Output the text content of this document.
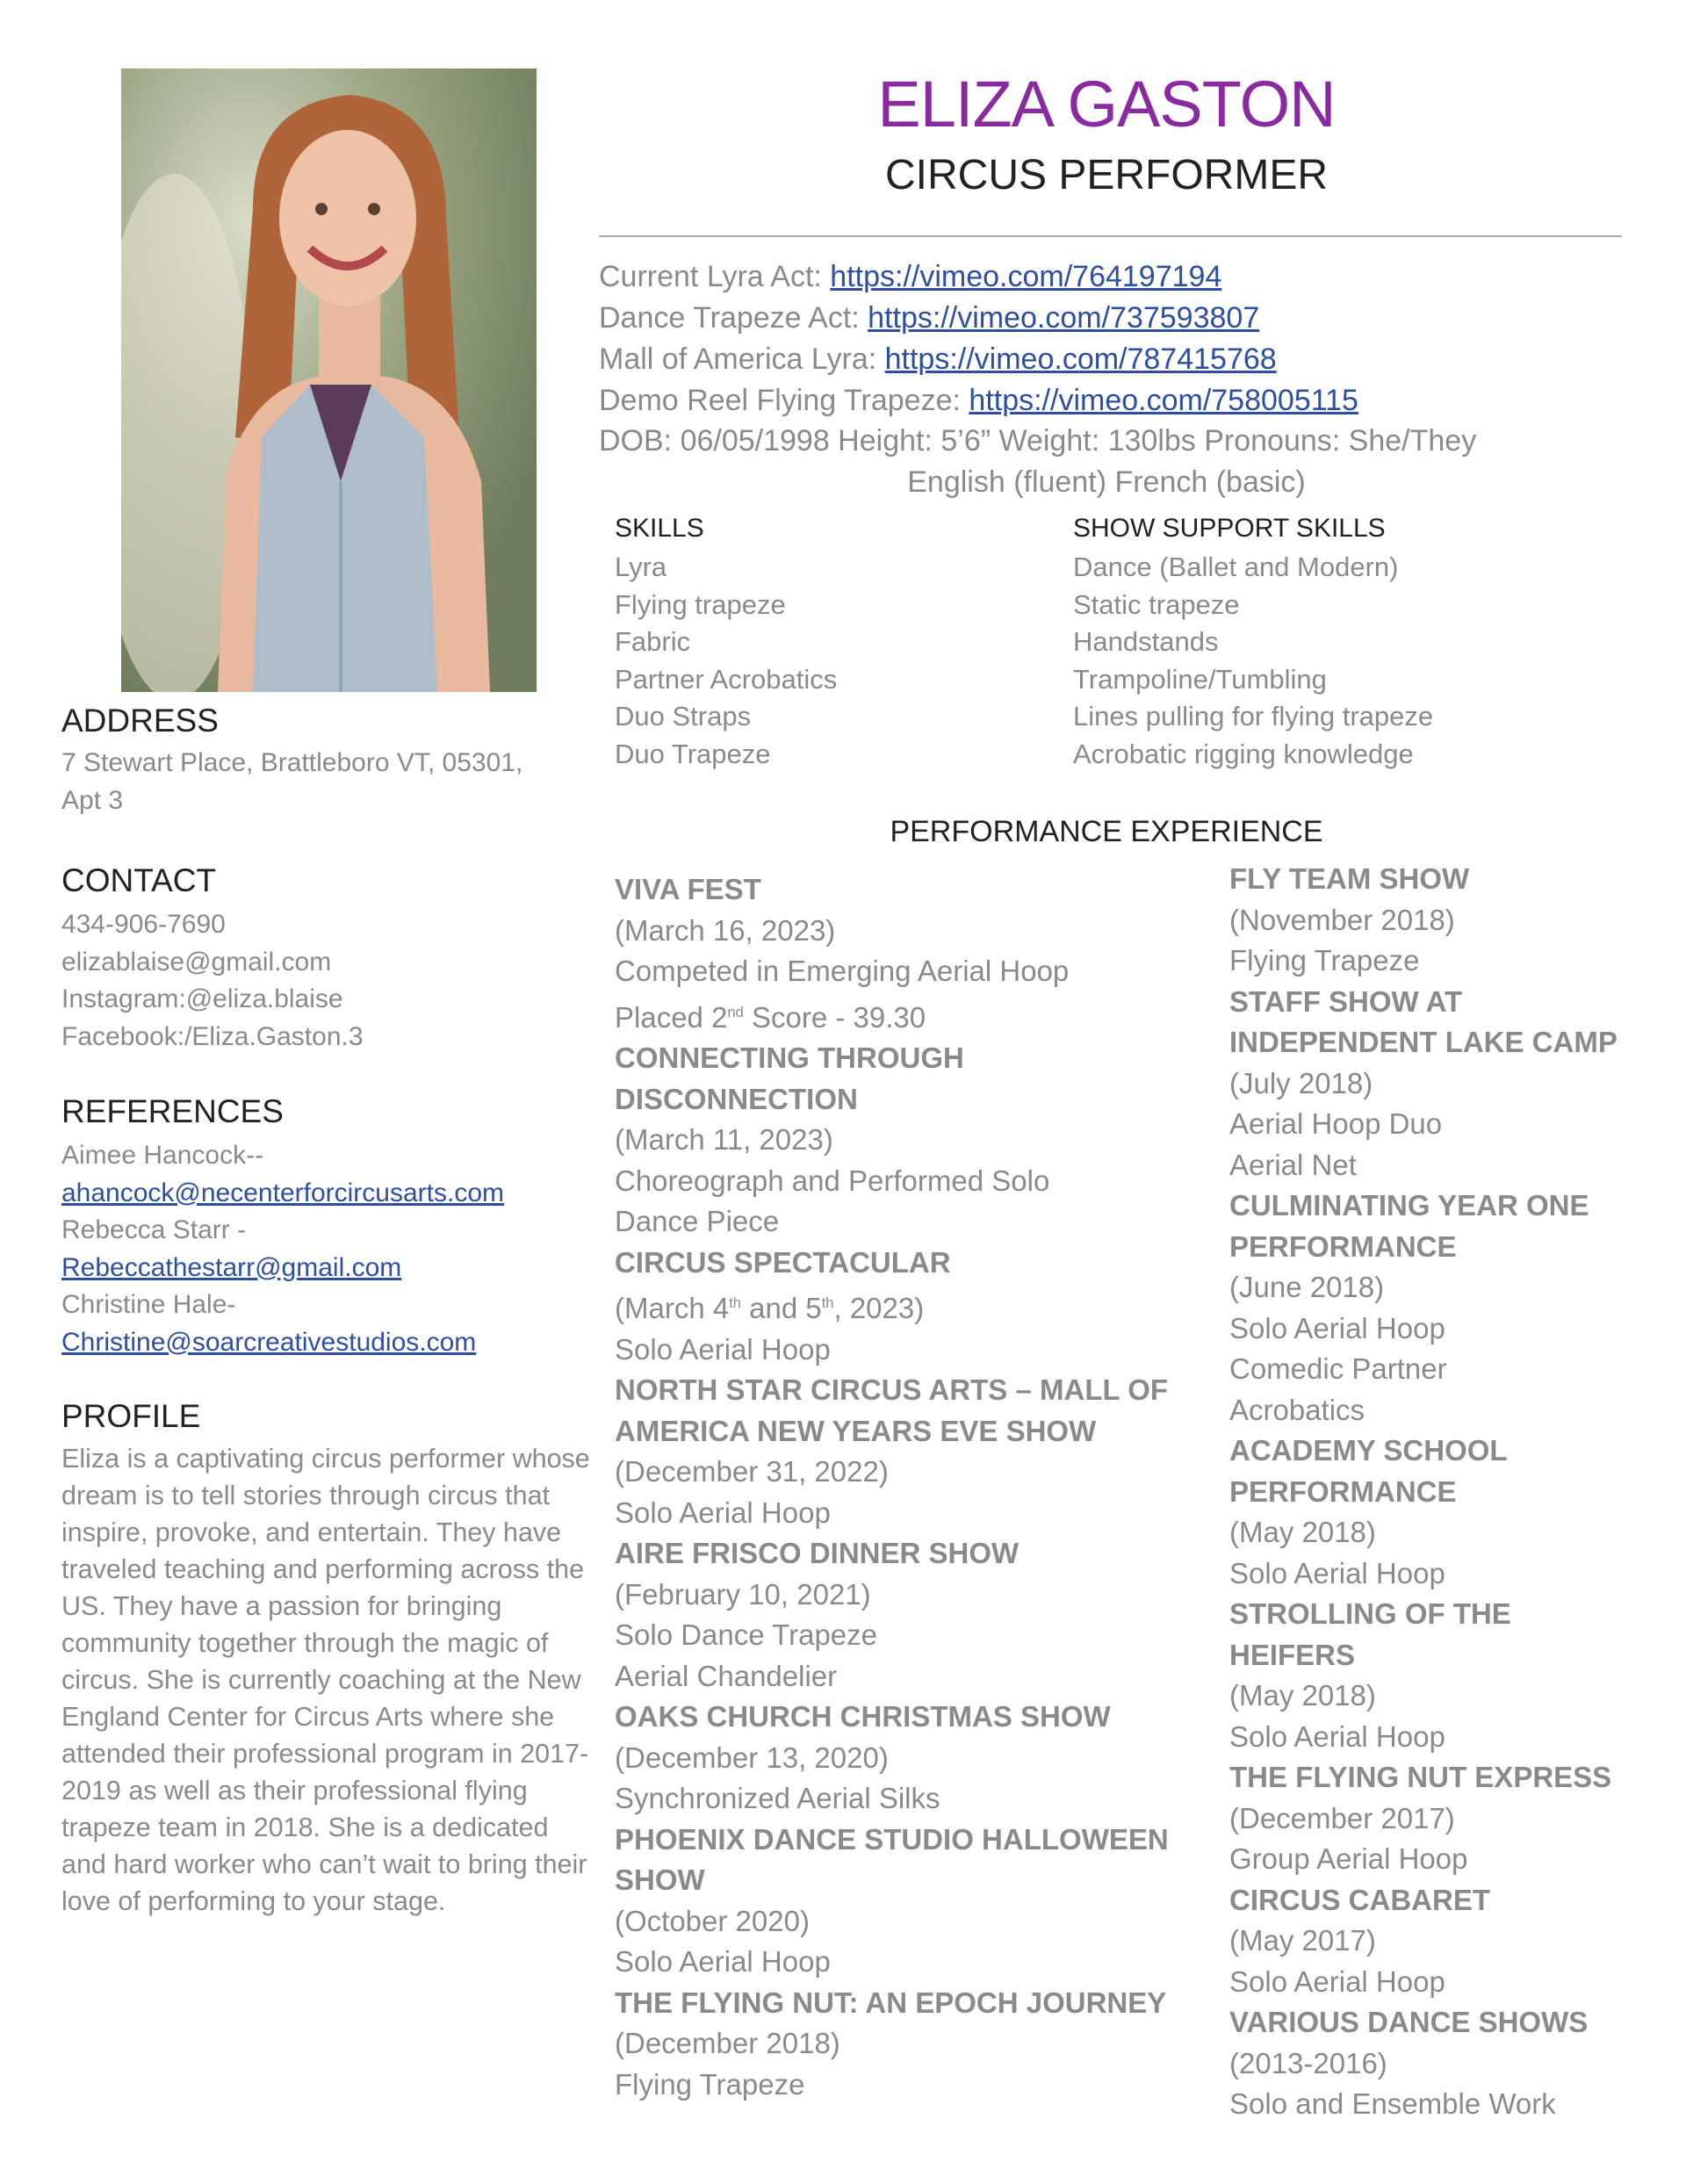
ELIZA GASTON
CIRCUS PERFORMER
Current Lyra Act: https://vimeo.com/764197194
Dance Trapeze Act: https://vimeo.com/737593807
Mall of America Lyra: https://vimeo.com/787415768
Demo Reel Flying Trapeze: https://vimeo.com/758005115
DOB: 06/05/1998 Height: 5’6” Weight: 130lbs Pronouns: She/They
English (fluent) French (basic)
SKILLS
Lyra
Flying trapeze
Fabric
Partner Acrobatics
Duo Straps
Duo Trapeze
SHOW SUPPORT SKILLS
Dance (Ballet and Modern)
Static trapeze
Handstands
Trampoline/Tumbling
Lines pulling for flying trapeze
Acrobatic rigging knowledge
ADDRESS
7 Stewart Place, Brattleboro VT, 05301,
Apt 3
CONTACT
434-906-7690
elizablaise@gmail.com
Instagram:@eliza.blaise
Facebook:/Eliza.Gaston.3
REFERENCES
Aimee Hancock--
ahancock@necenterforcircusarts.com
Rebecca Starr -
Rebeccathestarr@gmail.com
Christine Hale-
Christine@soarcreativestudios.com
PROFILE
Eliza is a captivating circus performer whose dream is to tell stories through circus that inspire, provoke, and entertain. They have traveled teaching and performing across the US. They have a passion for bringing community together through the magic of circus. She is currently coaching at the New England Center for Circus Arts where she attended their professional program in 2017-2019 as well as their professional flying trapeze team in 2018. She is a dedicated and hard worker who can’t wait to bring their love of performing to your stage.
PERFORMANCE EXPERIENCE
VIVA FEST
(March 16, 2023)
Competed in Emerging Aerial Hoop
Placed 2nd Score - 39.30
CONNECTING THROUGH
DISCONNECTION
(March 11, 2023)
Choreograph and Performed Solo
Dance Piece
CIRCUS SPECTACULAR
(March 4th and 5th, 2023)
Solo Aerial Hoop
NORTH STAR CIRCUS ARTS – MALL OF
AMERICA NEW YEARS EVE SHOW
(December 31, 2022)
Solo Aerial Hoop
AIRE FRISCO DINNER SHOW
(February 10, 2021)
Solo Dance Trapeze
Aerial Chandelier
OAKS CHURCH CHRISTMAS SHOW
(December 13, 2020)
Synchronized Aerial Silks
PHOENIX DANCE STUDIO HALLOWEEN
SHOW
(October 2020)
Solo Aerial Hoop
THE FLYING NUT: AN EPOCH JOURNEY
(December 2018)
Flying Trapeze
FLY TEAM SHOW
(November 2018)
Flying Trapeze
STAFF SHOW AT
INDEPENDENT LAKE CAMP
(July 2018)
Aerial Hoop Duo
Aerial Net
CULMINATING YEAR ONE
PERFORMANCE
(June 2018)
Solo Aerial Hoop
Comedic Partner
Acrobatics
ACADEMY SCHOOL
PERFORMANCE
(May 2018)
Solo Aerial Hoop
STROLLING OF THE
HEIFERS
(May 2018)
Solo Aerial Hoop
THE FLYING NUT EXPRESS
(December 2017)
Group Aerial Hoop
CIRCUS CABARET
(May 2017)
Solo Aerial Hoop
VARIOUS DANCE SHOWS
(2013-2016)
Solo and Ensemble Work
